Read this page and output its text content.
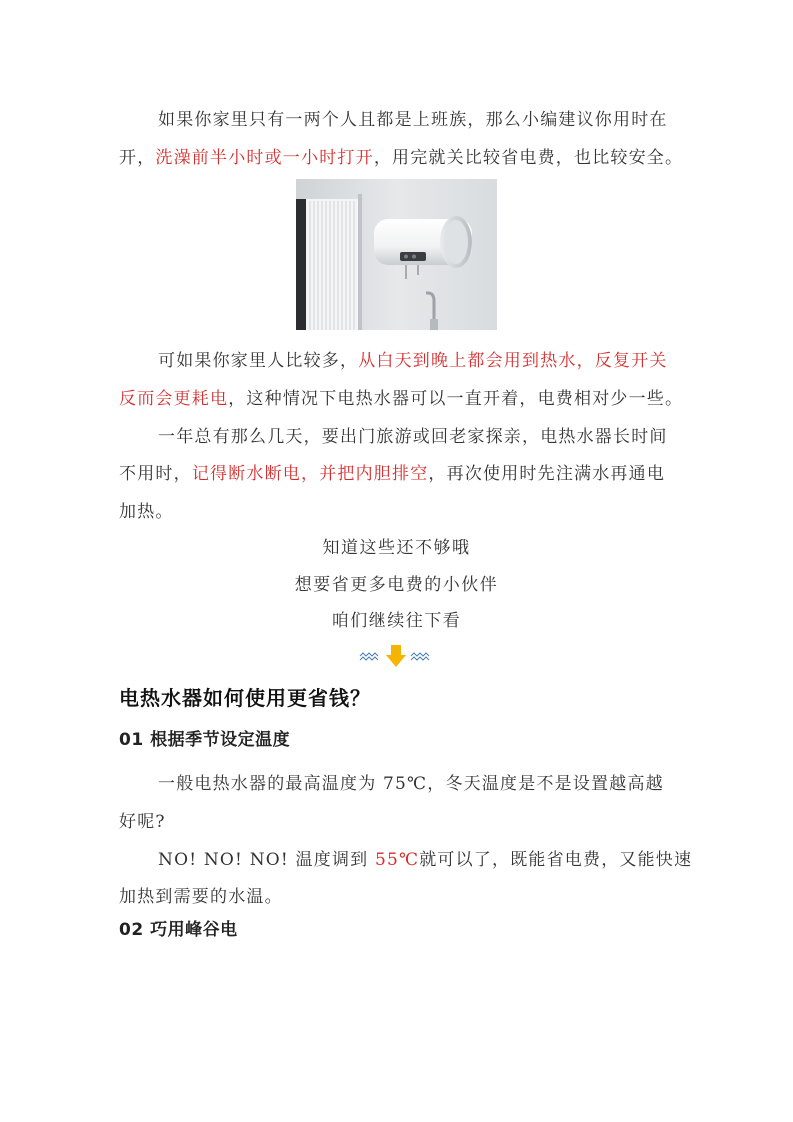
如果你家里只有一两个人且都是上班族，那么小编建议你用时在
开，洗澡前半小时或一小时打开，用完就关比较省电费，也比较安全。
可如果你家里人比较多，从白天到晚上都会用到热水，反复开关
反而会更耗电，这种情况下电热水器可以一直开着，电费相对少一些。
一年总有那么几天，要出门旅游或回老家探亲，电热水器长时间
不用时，记得断水断电，并把内胆排空，再次使用时先注满水再通电
加热。
知道这些还不够哦
想要省更多电费的小伙伴
咱们继续往下看
电热水器如何使用更省钱？
01 根据季节设定温度
一般电热水器的最高温度为 75℃，冬天温度是不是设置越高越
好呢?
NO! NO! NO! 温度调到 55℃就可以了，既能省电费，又能快速
加热到需要的水温。
02 巧用峰谷电
